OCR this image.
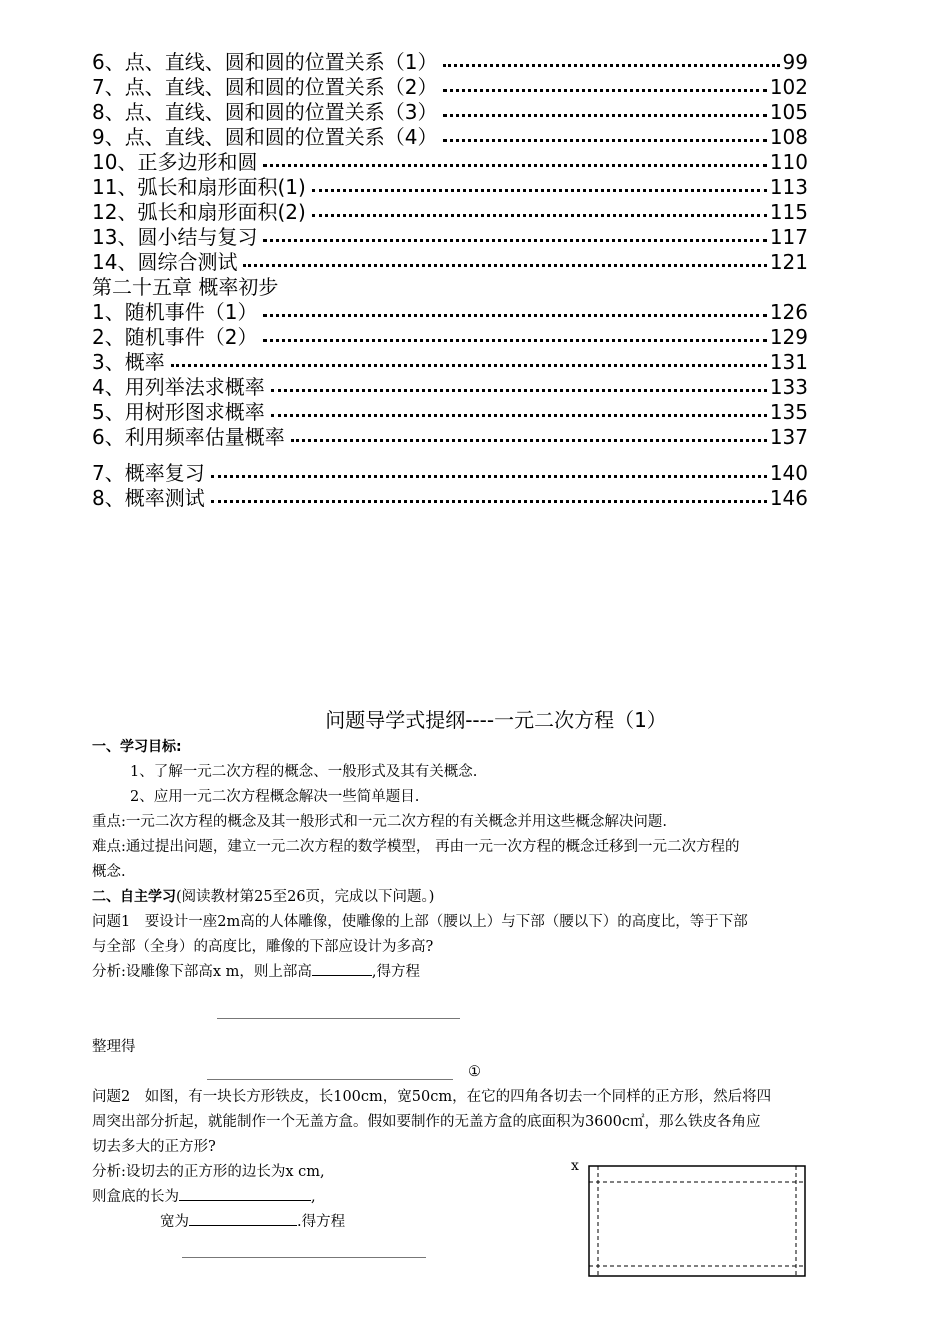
6、点、直线、圆和圆的位置关系（1）	99
7、点、直线、圆和圆的位置关系（2）	102
8、点、直线、圆和圆的位置关系（3）	105
9、点、直线、圆和圆的位置关系（4）	108
10、正多边形和圆	110
11、弧长和扇形面积(1)	113
12、弧长和扇形面积(2)	115
13、圆小结与复习	117
14、圆综合测试	121
第二十五章 概率初步
1、随机事件（1）	126
2、随机事件（2）	129
3、概率	131
4、用列举法求概率	133
5、用树形图求概率	135
6、利用频率估量概率	137
7、概率复习	140
8、概率测试	146
问题导学式提纲----一元二次方程（1）
一、学习目标:
1、了解一元二次方程的概念、一般形式及其有关概念.
2、应用一元二次方程概念解决一些简单题目.
重点:一元二次方程的概念及其一般形式和一元二次方程的有关概念并用这些概念解决问题.
难点:通过提出问题，建立一元二次方程的数学模型， 再由一元一次方程的概念迁移到一元二次方程的
概念.
二、自主学习(阅读教材第25至26页，完成以下问题。)
问题1　要设计一座2m高的人体雕像，使雕像的上部（腰以上）与下部（腰以下）的高度比，等于下部
与全部（全身）的高度比，雕像的下部应设计为多高?
分析:设雕像下部高x m，则上部高	,得方程
整理得
①
问题2　如图，有一块长方形铁皮，长100cm，宽50cm，在它的四角各切去一个同样的正方形，然后将四
周突出部分折起，就能制作一个无盖方盒。假如要制作的无盖方盒的底面积为3600c㎡，那么铁皮各角应
切去多大的正方形?
分析:设切去的正方形的边长为x cm,
则盒底的长为	,
宽为	.得方程
x
